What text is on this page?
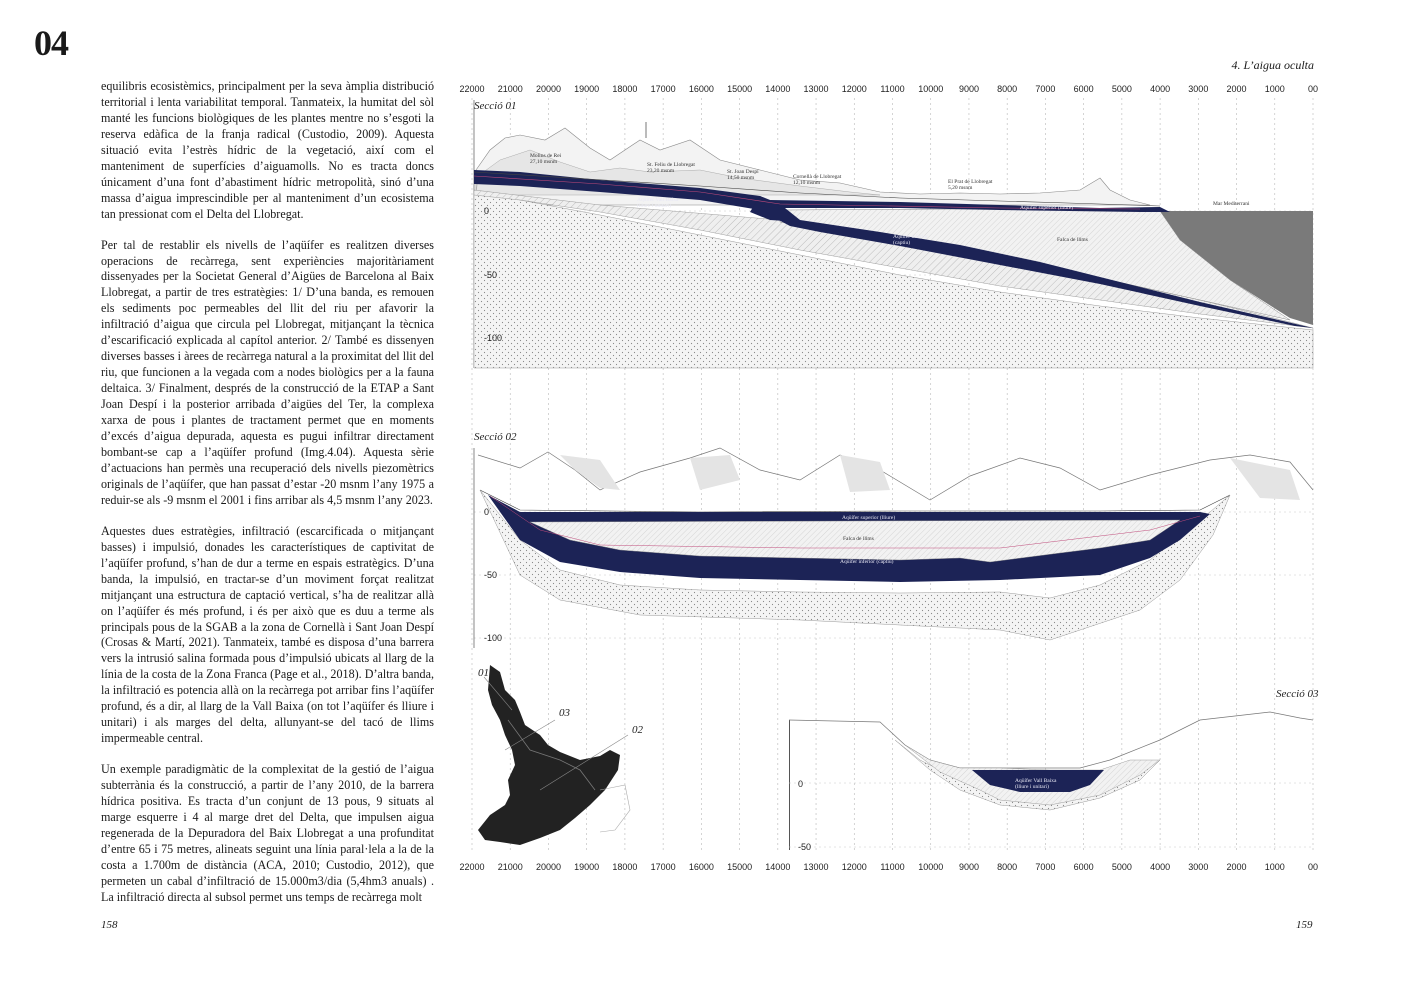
04
4. L’aigua oculta

equilibris ecosistèmics, principalment per la seva àmplia distribució territorial i lenta variabilitat temporal. Tanmateix, la humitat del sòl manté les funcions biològiques de les plantes mentre no s’esgoti la reserva edàfica de la franja radical (Custodio, 2009). Aquesta situació evita l’estrès hídric de la vegetació, així com el manteniment de superfícies d’aiguamolls. No es tracta doncs únicament d’una font d’abastiment hídric metropolità, sinó d’una massa d’aigua imprescindible per al manteniment d’un ecosistema tan pressionat com el Delta del Llobregat.

Per tal de restablir els nivells de l’aqüífer es realitzen diverses operacions de recàrrega, sent experiències majoritàriament dissenyades per la Societat General d’Aigües de Barcelona al Baix Llobregat, a partir de tres estratègies: 1/ D’una banda, es remouen els sediments poc permeables del llit del riu per afavorir la infiltració d’aigua que circula pel Llobregat, mitjançant la tècnica d’escarificació explicada al capítol anterior. 2/ També es dissenyen diverses basses i àrees de recàrrega natural a la proximitat del llit del riu, que funcionen a la vegada com a nodes biològics per a la fauna deltaica. 3/ Finalment, després de la construcció de la ETAP a Sant Joan Despí i la posterior arribada d’aigües del Ter, la complexa xarxa de pous i plantes de tractament permet que en moments d’excés d’aigua depurada, aquesta es pugui infiltrar directament bombant-se cap a l’aqüífer profund (Img.4.04). Aquesta sèrie d’actuacions han permès una recuperació dels nivells piezomètrics originals de l’aqüífer, que han passat d’estar -20 msnm l’any 1975 a reduir-se als -9 msnm el 2001 i fins arribar als 4,5 msnm l’any 2023.

Aquestes dues estratègies, infiltració (escarcificada o mitjançant basses) i impulsió, donades les característiques de captivitat de l’aqüífer profund, s’han de dur a terme en espais estratègics. D’una banda, la impulsió, en tractar-se d’un moviment forçat realitzat mitjançant una estructura de captació vertical, s’ha de realitzar allà on l’aqüífer és més profund, i és per això que es duu a terme als principals pous de la SGAB a la zona de Cornellà i Sant Joan Despí (Crosas & Martí, 2021). Tanmateix, també es disposa d’una barrera vers la intrusió salina formada pous d’impulsió ubicats al llarg de la línia de la costa de la Zona Franca (Page et al., 2018). D’altra banda, la infiltració es potencia allà on la recàrrega pot arribar fins l’aqüífer profund, és a dir, al llarg de la Vall Baixa (on tot l’aqüífer és lliure i unitari) i als marges del delta, allunyant-se del tacó de llims impermeable central.

Un exemple paradigmàtic de la complexitat de la gestió de l’aigua subterrània és la construcció, a partir de l’any 2010, de la barrera hídrica positiva. Es tracta d’un conjunt de 13 pous, 9 situats al marge esquerre i 4 al marge dret del Delta, que impulsen aigua regenerada de la Depuradora del Baix Llobregat a una profunditat d’entre 65 i 75 metres, alineats seguint una línia paral·lela a la de la costa a 1.700m de distància (ACA, 2010; Custodio, 2012), que permeten un cabal d’infiltració de 15.000m3/dia (5,4hm3 anuals) . La infiltració directa al subsol permet uns temps de recàrrega molt

158	159
22000 21000 20000 19000 18000 17000 16000 15000 14000 13000 12000 11000 10000 9000 8000 7000 6000 5000 4000 3000 2000 1000	00
22000 21000 20000 19000 18000 17000 16000 15000 14000 13000 12000 11000 10000 9000 8000 7000 6000 5000 4000 3000 2000 1000	00
Secció 01
0
-50
-100
Molins de Rei
27,10 msnm	St. Feliu de Llobregat
23,20 msnm	St. Joan Despí
14,50 msnm	Cornellà de Llobregat
12,10 msnm	El Prat de Llobregat
5,20 msnm
Mar Mediterrani
Aqüífer Vall Baixa
(lliure i unitari)	Aqüífer superior (lliure)
Aqüífer inferior
(captiu)	Falca de llims
Secció 02
0
-50
-100
Aqüífer superior (lliure)
Falca de llims
Aqüífer inferior (captiu)
01
02
03
Secció 03
0
-50
Aqüífer Vall Baixa
(lliure i unitari)
